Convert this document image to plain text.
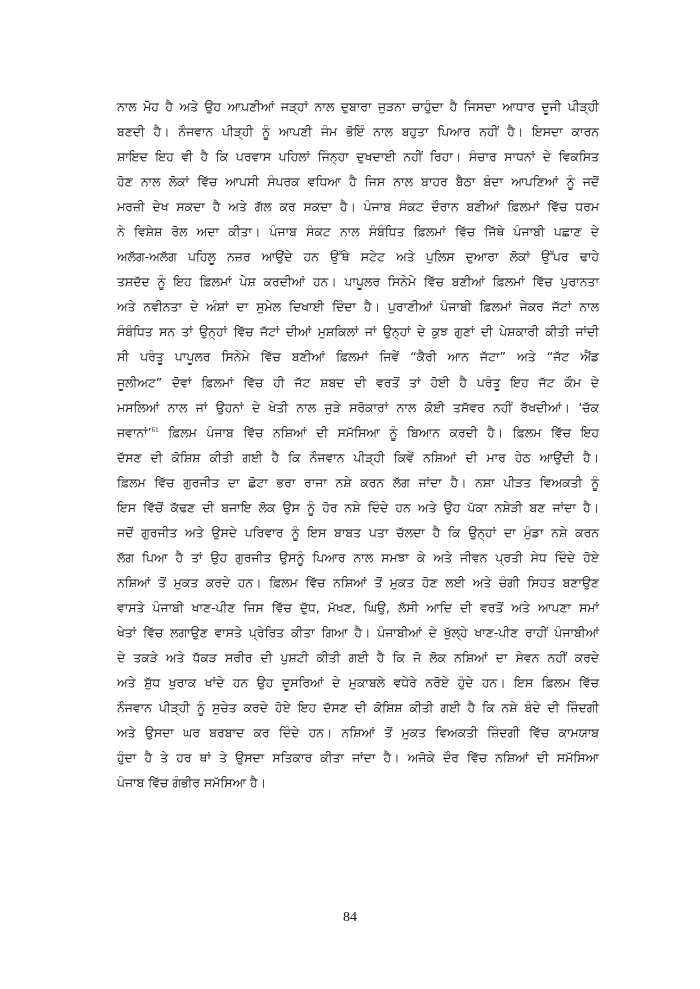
ਨਾਲ ਮੋਹ ਹੈ ਅਤੇ ਉਹ ਆਪਣੀਆਂ ਜੜ੍ਹਾਂ ਨਾਲ ਦੁਬਾਰਾ ਜੁੜਨਾ ਚਾਹੁੰਦਾ ਹੈ ਜਿਸਦਾ ਆਧਾਰ ਦੂਜੀ ਪੀੜ੍ਹੀ
ਬਣਦੀ ਹੈ। ਨੌਜਵਾਨ ਪੀੜ੍ਹੀ ਨੂੰ ਆਪਣੀ ਜੰਮ ਭੋਇੰ ਨਾਲ ਬਹੁਤਾ ਪਿਆਰ ਨਹੀਂ ਹੈ। ਇਸਦਾ ਕਾਰਨ
ਸ਼ਾਇਦ ਇਹ ਵੀ ਹੈ ਕਿ ਪਰਵਾਸ ਪਹਿਲਾਂ ਜਿੰਨ੍ਹਾ ਦੁਖਦਾਈ ਨਹੀਂ ਰਿਹਾ। ਸੰਚਾਰ ਸਾਧਨਾਂ ਦੇ ਵਿਕਸਿਤ
ਹੋਣ ਨਾਲ ਲੋਕਾਂ ਵਿੱਚ ਆਪਸੀ ਸੰਪਰਕ ਵਧਿਆ ਹੈ ਜਿਸ ਨਾਲ ਬਾਹਰ ਬੈਠਾ ਬੰਦਾ ਆਪਣਿਆਂ ਨੂੰ ਜਦੋਂ
ਮਰਜ਼ੀ ਦੇਖ ਸਕਦਾ ਹੈ ਅਤੇ ਗੱਲ ਕਰ ਸਕਦਾ ਹੈ। ਪੰਜਾਬ ਸੰਕਟ ਦੌਰਾਨ ਬਣੀਆਂ ਫ਼ਿਲਮਾਂ ਵਿੱਚ ਧਰਮ
ਨੇ ਵਿਸ਼ੇਸ਼ ਰੋਲ ਅਦਾ ਕੀਤਾ। ਪੰਜਾਬ ਸੰਕਟ ਨਾਲ ਸੰਬੰਧਿਤ ਫ਼ਿਲਮਾਂ ਵਿੱਚ ਜਿੱਥੇ ਪੰਜਾਬੀ ਪਛਾਣ ਦੇ
ਅਲੱਗ-ਅਲੱਗ ਪਹਿਲੂ ਨਜ਼ਰ ਆਉਂਦੇ ਹਨ ਉੱਥੇ ਸਟੇਟ ਅਤੇ ਪੁਲਿਸ ਦੁਆਰਾ ਲੋਕਾਂ ਉੱਪਰ ਢਾਹੇ
ਤਸ਼ਦੱਦ ਨੂੰ ਇਹ ਫ਼ਿਲਮਾਂ ਪੇਸ਼ ਕਰਦੀਆਂ ਹਨ। ਪਾਪੂਲਰ ਸਿਨੇਮੇ ਵਿੱਚ ਬਣੀਆਂ ਫ਼ਿਲਮਾਂ ਵਿੱਚ ਪੁਰਾਨਤਾ
ਅਤੇ ਨਵੀਨਤਾ ਦੇ ਅੰਸ਼ਾਂ ਦਾ ਸੁਮੇਲ ਦਿਖਾਈ ਦਿੰਦਾ ਹੈ। ਪੁਰਾਣੀਆਂ ਪੰਜਾਬੀ ਫ਼ਿਲਮਾਂ ਜੇਕਰ ਜੱਟਾਂ ਨਾਲ
ਸੰਬੰਧਿਤ ਸਨ ਤਾਂ ਉਨ੍ਹਾਂ ਵਿੱਚ ਜੱਟਾਂ ਦੀਆਂ ਮੁਸ਼ਕਿਲਾਂ ਜਾਂ ਉਨ੍ਹਾਂ ਦੇ ਕੁਝ ਗੁਣਾਂ ਦੀ ਪੇਸ਼ਕਾਰੀ ਕੀਤੀ ਜਾਂਦੀ
ਸੀ ਪਰੰਤੂ ਪਾਪੂਲਰ ਸਿਨੇਮੇ ਵਿੱਚ ਬਣੀਆਂ ਫ਼ਿਲਮਾਂ ਜਿਵੇਂ “ਕੈਰੀ ਆਨ ਜੱਟਾ” ਅਤੇ “ਜੱਟ ਐਂਡ
ਜੂਲੀਅਟ” ਦੋਵਾਂ ਫ਼ਿਲਮਾਂ ਵਿੱਚ ਹੀ ਜੱਟ ਸ਼ਬਦ ਦੀ ਵਰਤੋਂ ਤਾਂ ਹੋਈ ਹੈ ਪਰੰਤੂ ਇਹ ਜੱਟ ਕੌਮ ਦੇ
ਮਸਲਿਆਂ ਨਾਲ ਜਾਂ ਉਹਨਾਂ ਦੇ ਖੇਤੀ ਨਾਲ ਜੁੜੇ ਸਰੋਕਾਰਾਂ ਨਾਲ ਕੋਈ ਤਸੱਵਰ ਨਹੀਂ ਰੱਖਦੀਆਂ। ‘ਚੱਕ
ਜਵਾਨਾਂ’$^{61}$ ਫ਼ਿਲਮ ਪੰਜਾਬ ਵਿੱਚ ਨਸ਼ਿਆਂ ਦੀ ਸਮੱਸਿਆ ਨੂੰ ਬਿਆਨ ਕਰਦੀ ਹੈ। ਫ਼ਿਲਮ ਵਿੱਚ ਇਹ
ਦੱਸਣ ਦੀ ਕੋਸ਼ਿਸ਼ ਕੀਤੀ ਗਈ ਹੈ ਕਿ ਨੌਜਵਾਨ ਪੀੜ੍ਹੀ ਕਿਵੇਂ ਨਸ਼ਿਆਂ ਦੀ ਮਾਰ ਹੇਠ ਆਉਂਦੀ ਹੈ।
ਫ਼ਿਲਮ ਵਿੱਚ ਗੁਰਜੀਤ ਦਾ ਛੋਟਾ ਭਰਾ ਰਾਜਾ ਨਸ਼ੇ ਕਰਨ ਲੱਗ ਜਾਂਦਾ ਹੈ। ਨਸ਼ਾ ਪੀੜਤ ਵਿਅਕਤੀ ਨੂੰ
ਇਸ ਵਿੱਚੋਂ ਕੱਢਣ ਦੀ ਬਜਾਇ ਲੋਕ ਉਸ ਨੂੰ ਹੋਰ ਨਸ਼ੇ ਦਿੰਦੇ ਹਨ ਅਤੇ ਉਹ ਪੱਕਾ ਨਸ਼ੇੜੀ ਬਣ ਜਾਂਦਾ ਹੈ।
ਜਦੋਂ ਗੁਰਜੀਤ ਅਤੇ ਉਸਦੇ ਪਰਿਵਾਰ ਨੂੰ ਇਸ ਬਾਬਤ ਪਤਾ ਚੱਲਦਾ ਹੈ ਕਿ ਉਨ੍ਹਾਂ ਦਾ ਮੁੰਡਾ ਨਸ਼ੇ ਕਰਨ
ਲੱਗ ਪਿਆ ਹੈ ਤਾਂ ਉਹ ਗੁਰਜੀਤ ਉਸਨੂੰ ਪਿਆਰ ਨਾਲ ਸਮਝਾ ਕੇ ਅਤੇ ਜੀਵਨ ਪ੍ਰਤੀ ਸੇਧ ਦਿੰਦੇ ਹੋਏ
ਨਸ਼ਿਆਂ ਤੋਂ ਮੁਕਤ ਕਰਦੇ ਹਨ। ਫ਼ਿਲਮ ਵਿੱਚ ਨਸ਼ਿਆਂ ਤੋਂ ਮੁਕਤ ਹੋਣ ਲਈ ਅਤੇ ਚੰਗੀ ਸਿਹਤ ਬਣਾਉਣ
ਵਾਸਤੇ ਪੰਜਾਬੀ ਖਾਣ-ਪੀਣ ਜਿਸ ਵਿੱਚ ਦੁੱਧ, ਮੱਖਣ, ਘਿਉ, ਲੱਸੀ ਆਦਿ ਦੀ ਵਰਤੋਂ ਅਤੇ ਆਪਣਾ ਸਮਾਂ
ਖੇਤਾਂ ਵਿੱਚ ਲਗਾਉਣ ਵਾਸਤੇ ਪ੍ਰੇਰਿਤ ਕੀਤਾ ਗਿਆ ਹੈ। ਪੰਜਾਬੀਆਂ ਦੇ ਖੁੱਲ੍ਹੇ ਖਾਣ-ਪੀਣ ਰਾਹੀਂ ਪੰਜਾਬੀਆਂ
ਦੇ ਤਕੜੇ ਅਤੇ ਧੱਕੜ ਸਰੀਰ ਦੀ ਪੁਸ਼ਟੀ ਕੀਤੀ ਗਈ ਹੈ ਕਿ ਜੋ ਲੋਕ ਨਸ਼ਿਆਂ ਦਾ ਸੇਵਨ ਨਹੀਂ ਕਰਦੇ
ਅਤੇ ਸ਼ੁੱਧ ਖੁਰਾਕ ਖਾਂਦੇ ਹਨ ਉਹ ਦੂਸਰਿਆਂ ਦੇ ਮੁਕਾਬਲੇ ਵਧੇਰੇ ਨਰੋਏ ਹੁੰਦੇ ਹਨ। ਇਸ ਫ਼ਿਲਮ ਵਿੱਚ
ਨੌਜਵਾਨ ਪੀੜ੍ਹੀ ਨੂੰ ਸੁਚੇਤ ਕਰਦੇ ਹੋਏ ਇਹ ਦੱਸਣ ਦੀ ਕੋਸ਼ਿਸ਼ ਕੀਤੀ ਗਈ ਹੈ ਕਿ ਨਸ਼ੇ ਬੰਦੇ ਦੀ ਜ਼ਿੰਦਗੀ
ਅਤੇ ਉਸਦਾ ਘਰ ਬਰਬਾਦ ਕਰ ਦਿੰਦੇ ਹਨ। ਨਸ਼ਿਆਂ ਤੋਂ ਮੁਕਤ ਵਿਅਕਤੀ ਜ਼ਿੰਦਗੀ ਵਿੱਚ ਕਾਮਯਾਬ
ਹੁੰਦਾ ਹੈ ਤੇ ਹਰ ਥਾਂ ਤੇ ਉਸਦਾ ਸਤਿਕਾਰ ਕੀਤਾ ਜਾਂਦਾ ਹੈ। ਅਜੋਕੇ ਦੌਰ ਵਿੱਚ ਨਸ਼ਿਆਂ ਦੀ ਸਮੱਸਿਆ
ਪੰਜਾਬ ਵਿੱਚ ਗੰਭੀਰ ਸਮੱਸਿਆ ਹੈ।
84
